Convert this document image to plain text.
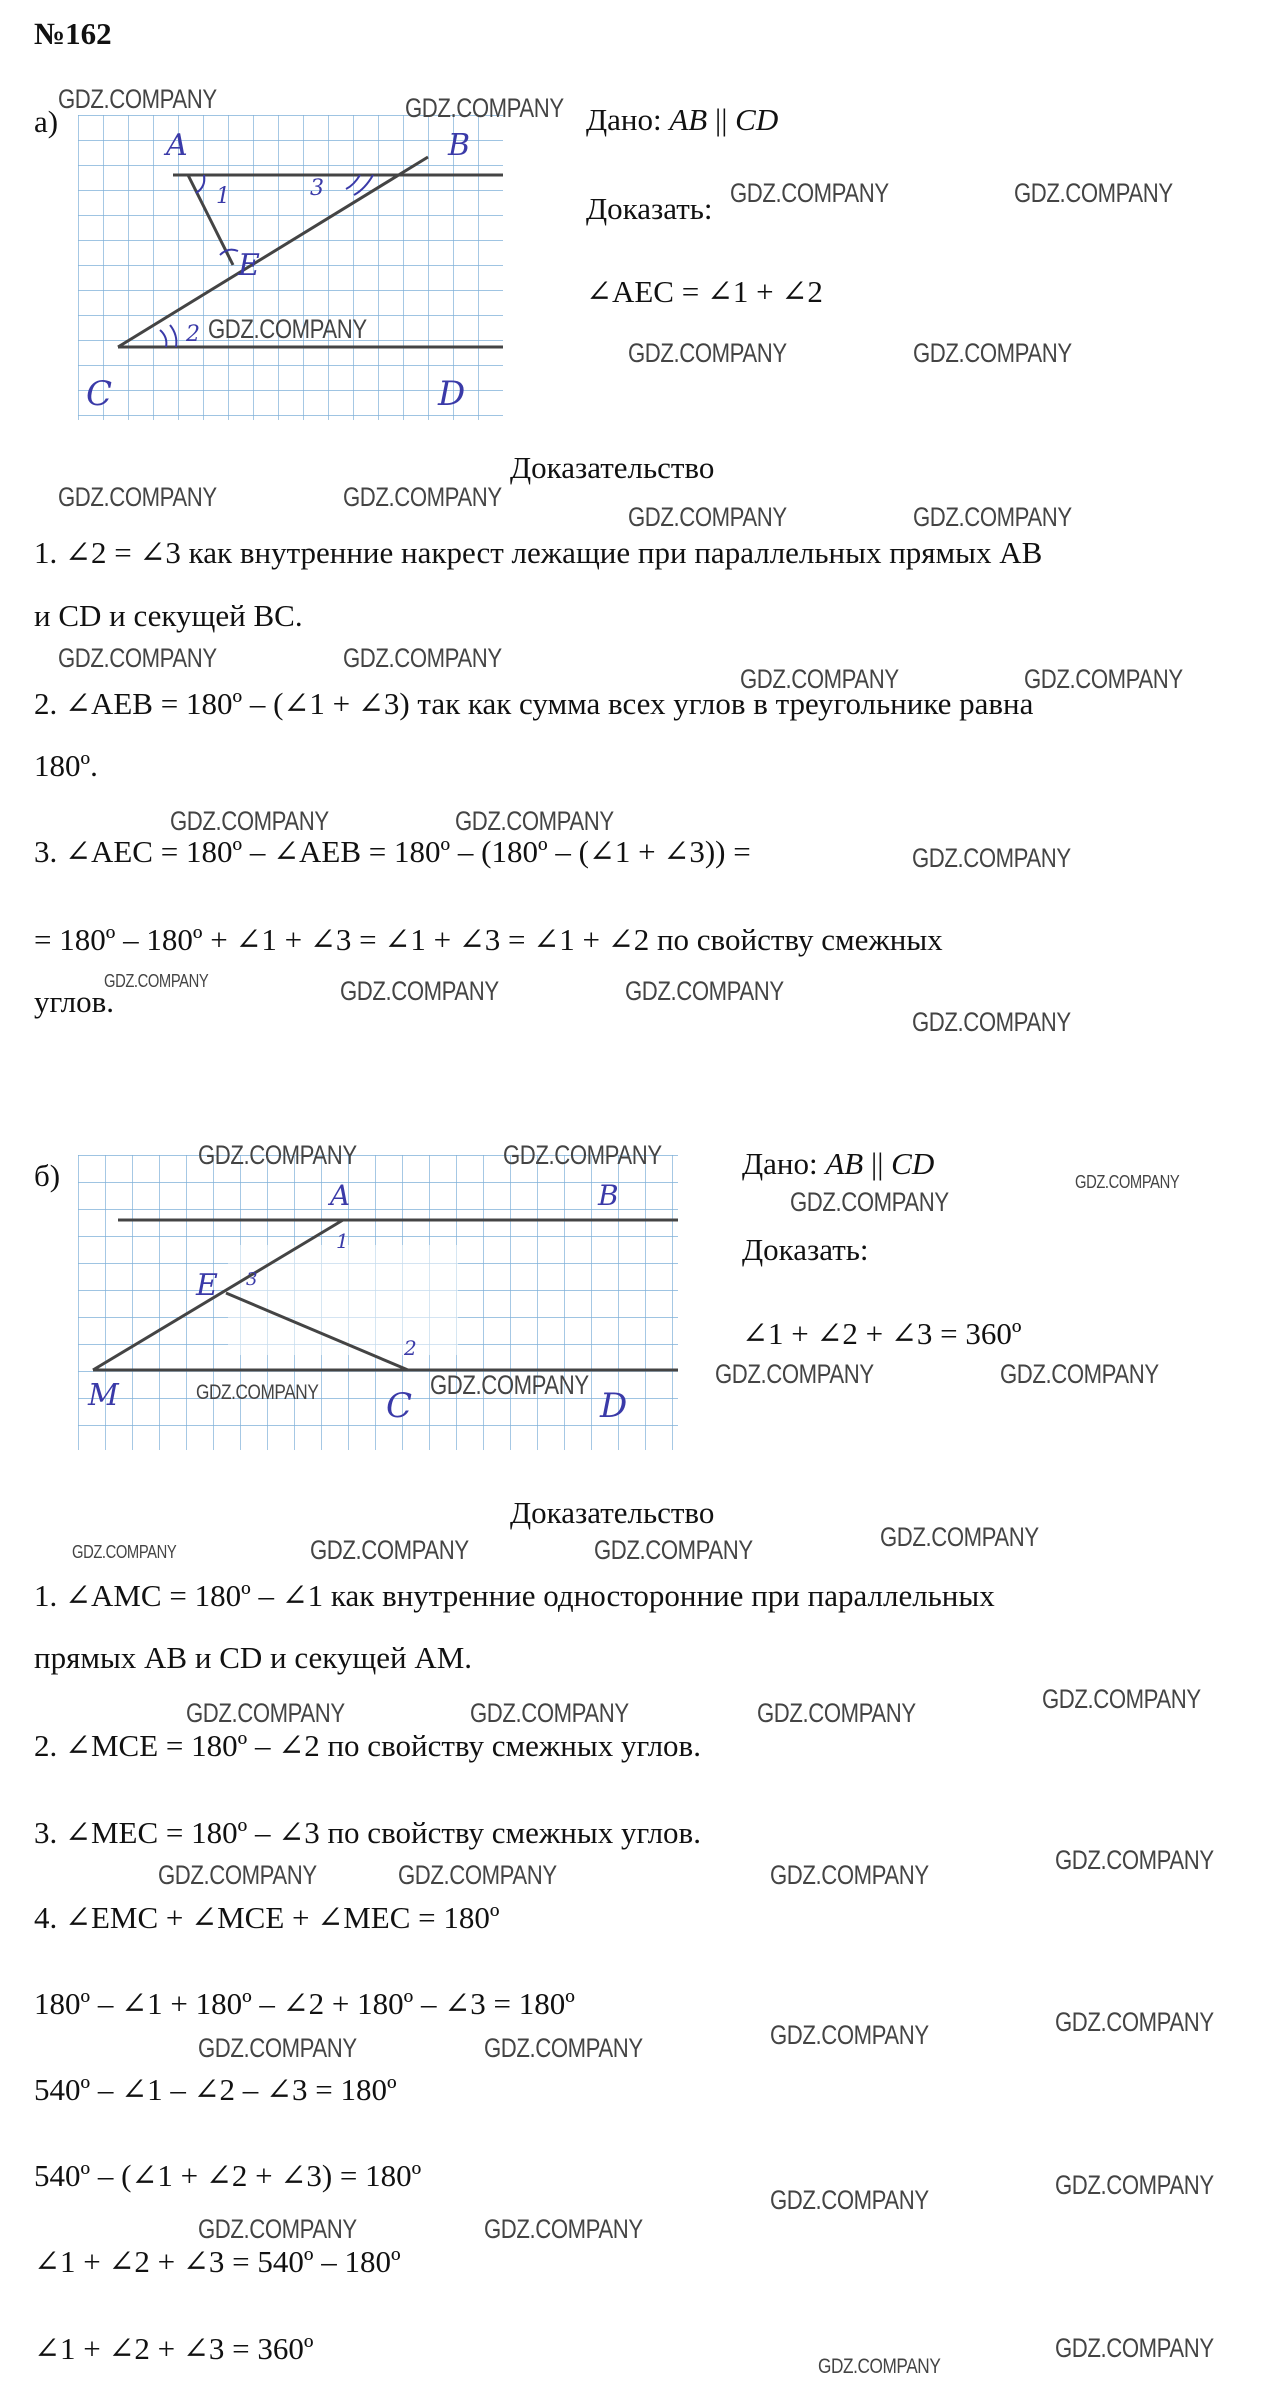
№162
а)
A	B
C	D
E
1
2
3
Дано: AB || CD
Доказать:
∠AEC = ∠1 + ∠2
Доказательство
1. ∠2 = ∠3 как внутренние накрест лежащие при параллельных прямых AB
и CD и секущей BC.
2. ∠AEB = 180º – (∠1 + ∠3) так как сумма всех углов в треугольнике равна
180º.
3. ∠AEC = 180º – ∠AEB = 180º – (180º – (∠1 + ∠3)) =
= 180º – 180º + ∠1 + ∠3 = ∠1 + ∠3 = ∠1 + ∠2 по свойству смежных
углов.
б)
A	B
E
M	C	D
1
2
3
Дано: AB || CD
Доказать:
∠1 + ∠2 + ∠3 = 360º
Доказательство
1. ∠AMC = 180º – ∠1 как внутренние односторонние при параллельных
прямых AB и CD и секущей AM.
2. ∠MCE = 180º – ∠2 по свойству смежных углов.
3. ∠MEC = 180º – ∠3 по свойству смежных углов.
4. ∠EMC + ∠MCE + ∠MEC = 180º
180º – ∠1 + 180º – ∠2 + 180º – ∠3 = 180º
540º – ∠1 – ∠2 – ∠3 = 180º
540º – (∠1 + ∠2 + ∠3) = 180º
∠1 + ∠2 + ∠3 = 540º – 180º
∠1 + ∠2 + ∠3 = 360º
GDZ.COMPANY	GDZ.COMPANY
GDZ.COMPANY	GDZ.COMPANY
GDZ.COMPANY
GDZ.COMPANY	GDZ.COMPANY
GDZ.COMPANY	GDZ.COMPANY
GDZ.COMPANY	GDZ.COMPANY
GDZ.COMPANY	GDZ.COMPANY
GDZ.COMPANY	GDZ.COMPANY
GDZ.COMPANY	GDZ.COMPANY
GDZ.COMPANY
GDZ.COMPANY	GDZ.COMPANY	GDZ.COMPANY
GDZ.COMPANY
GDZ.COMPANY	GDZ.COMPANY
GDZ.COMPANY
GDZ.COMPANY
GDZ.COMPANY	GDZ.COMPANY	GDZ.COMPANY	GDZ.COMPANY
GDZ.COMPANY	GDZ.COMPANY	GDZ.COMPANY	GDZ.COMPANY
GDZ.COMPANY	GDZ.COMPANY	GDZ.COMPANY	GDZ.COMPANY
GDZ.COMPANY	GDZ.COMPANY	GDZ.COMPANY	GDZ.COMPANY
GDZ.COMPANY	GDZ.COMPANY	GDZ.COMPANY	GDZ.COMPANY
GDZ.COMPANY	GDZ.COMPANY
GDZ.COMPANY	GDZ.COMPANY
GDZ.COMPANY
GDZ.COMPANY
